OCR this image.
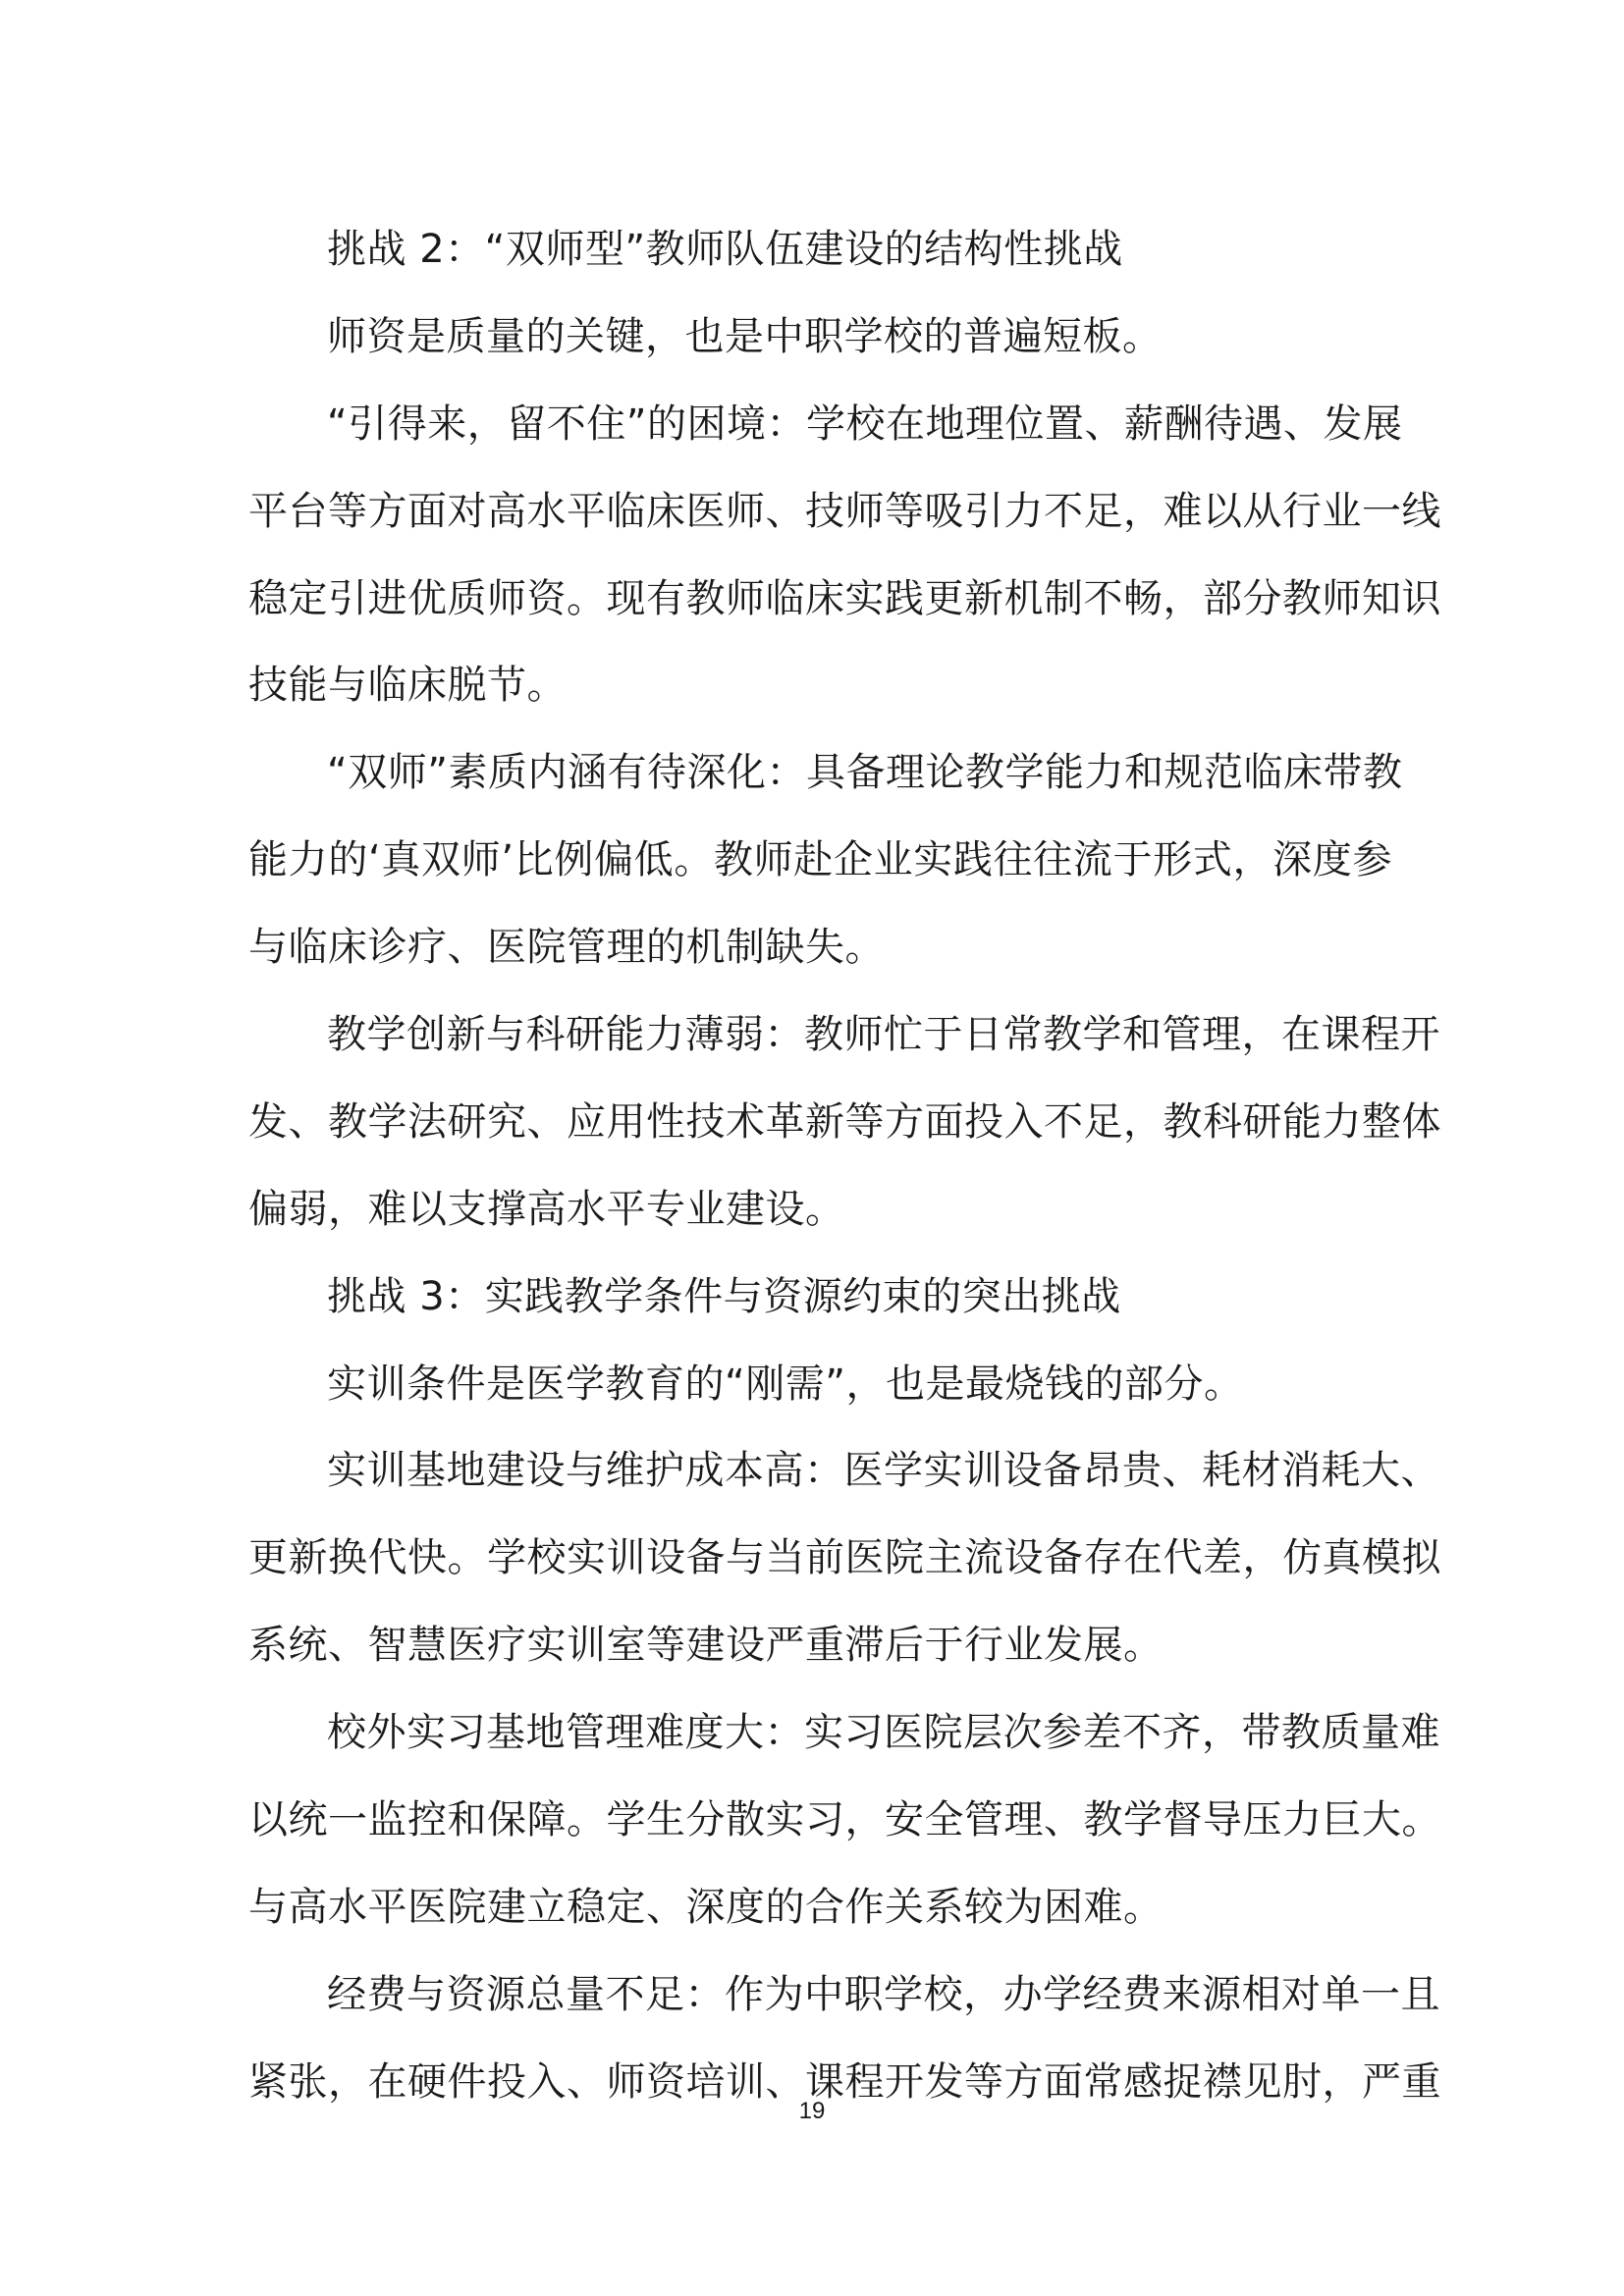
挑战 2：“双师型”教师队伍建设的结构性挑战
师资是质量的关键，也是中职学校的普遍短板。
“引得来，留不住”的困境：学校在地理位置、薪酬待遇、发展
平台等方面对高水平临床医师、技师等吸引力不足，难以从行业一线
稳定引进优质师资。现有教师临床实践更新机制不畅，部分教师知识
技能与临床脱节。
“双师”素质内涵有待深化：具备理论教学能力和规范临床带教
能力的‘真双师’比例偏低。教师赴企业实践往往流于形式，深度参
与临床诊疗、医院管理的机制缺失。
教学创新与科研能力薄弱：教师忙于日常教学和管理，在课程开
发、教学法研究、应用性技术革新等方面投入不足，教科研能力整体
偏弱，难以支撑高水平专业建设。
挑战 3：实践教学条件与资源约束的突出挑战
实训条件是医学教育的“刚需”，也是最烧钱的部分。
实训基地建设与维护成本高：医学实训设备昂贵、耗材消耗大、
更新换代快。学校实训设备与当前医院主流设备存在代差，仿真模拟
系统、智慧医疗实训室等建设严重滞后于行业发展。
校外实习基地管理难度大：实习医院层次参差不齐，带教质量难
以统一监控和保障。学生分散实习，安全管理、教学督导压力巨大。
与高水平医院建立稳定、深度的合作关系较为困难。
经费与资源总量不足：作为中职学校，办学经费来源相对单一且
紧张，在硬件投入、师资培训、课程开发等方面常感捉襟见肘，严重
19
